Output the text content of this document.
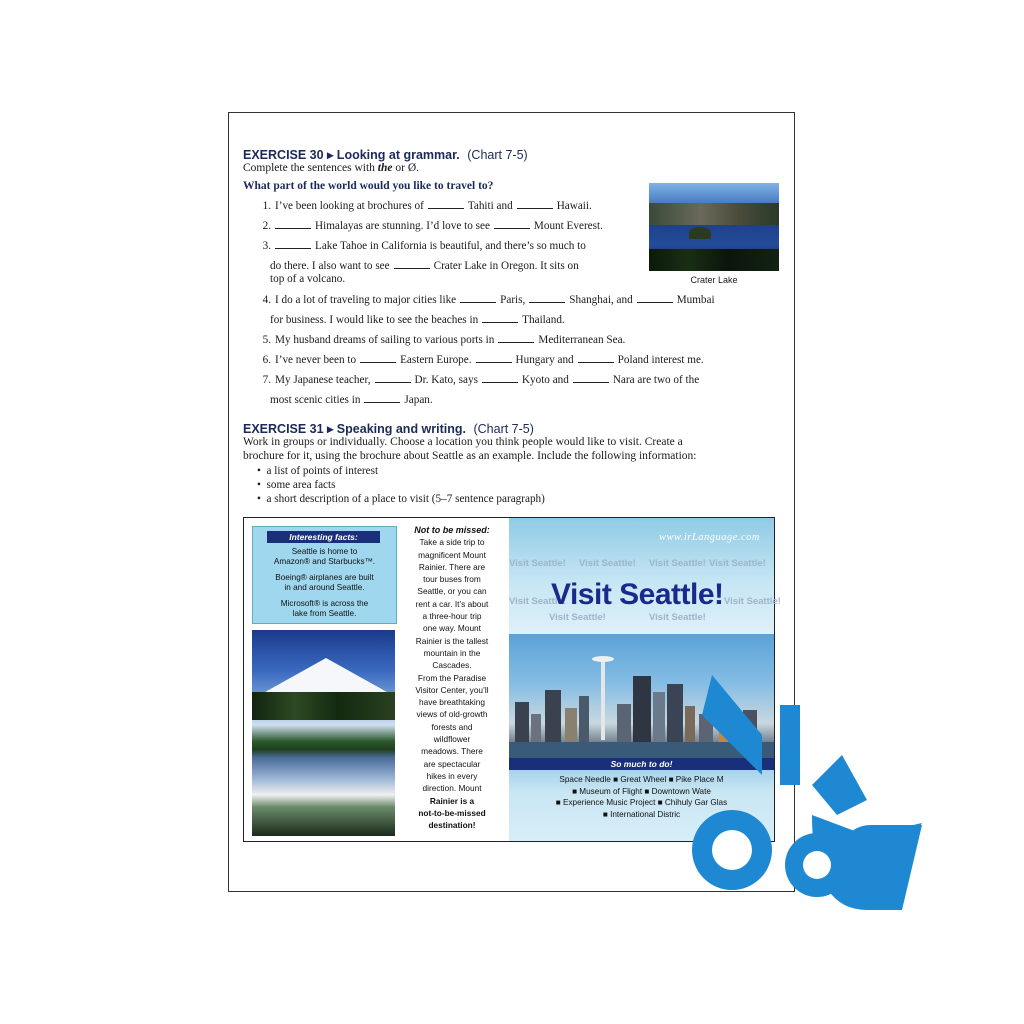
EXERCISE 30 ▸ Looking at grammar. (Chart 7-5)
Complete the sentences with the or Ø.
What part of the world would you like to travel to?
1. I’ve been looking at brochures of	Tahiti and	Hawaii.
2.	Himalayas are stunning. I’d love to see	Mount Everest.
3.	Lake Tahoe in California is beautiful, and there’s so much to
do there. I also want to see	Crater Lake in Oregon. It sits on
top of a volcano.
4. I do a lot of traveling to major cities like	Paris,	Shanghai, and	Mumbai
for business. I would like to see the beaches in	Thailand.
5. My husband dreams of sailing to various ports in	Mediterranean Sea.
6. I’ve never been to	Eastern Europe.	Hungary and	Poland interest me.
7. My Japanese teacher,	Dr. Kato, says	Kyoto and	Nara are two of the
most scenic cities in	Japan.
Crater Lake
EXERCISE 31 ▸ Speaking and writing. (Chart 7-5)
Work in groups or individually. Choose a location you think people would like to visit. Create a
brochure for it, using the brochure about Seattle as an example. Include the following information:
•  a list of points of interest
•  some area facts
•  a short description of a place to visit (5–7 sentence paragraph)
Interesting facts:
Seattle is home to
Amazon® and Starbucks™.
Boeing® airplanes are built
in and around Seattle.
Microsoft® is across the
lake from Seattle.
Not to be missed:
Take a side trip to
magnificent Mount
Rainier. There are
tour buses from
Seattle, or you can
rent a car. It’s about
a three-hour trip
one way. Mount
Rainier is the tallest
mountain in the
Cascades.
From the Paradise
Visitor Center, you’ll
have breathtaking
views of old-growth
forests and
wildflower
meadows. There
are spectacular
hikes in every
direction. Mount
Rainier is a
not-to-be-missed
destination!
www.irLanguage.com
Visit Seattle! Visit Seattle! Visit Seattle! Visit Seattle!
Visit Seattle!	Visit Seattle!
Visit Seattle!	Visit Seattle!
Visit Seattle!
So much to do!
Space Needle ■ Great Wheel ■ Pike Place M
■ Museum of Flight ■ Downtown Wate
■ Experience Music Project ■ Chihuly Gar Glas
■ International Distric
